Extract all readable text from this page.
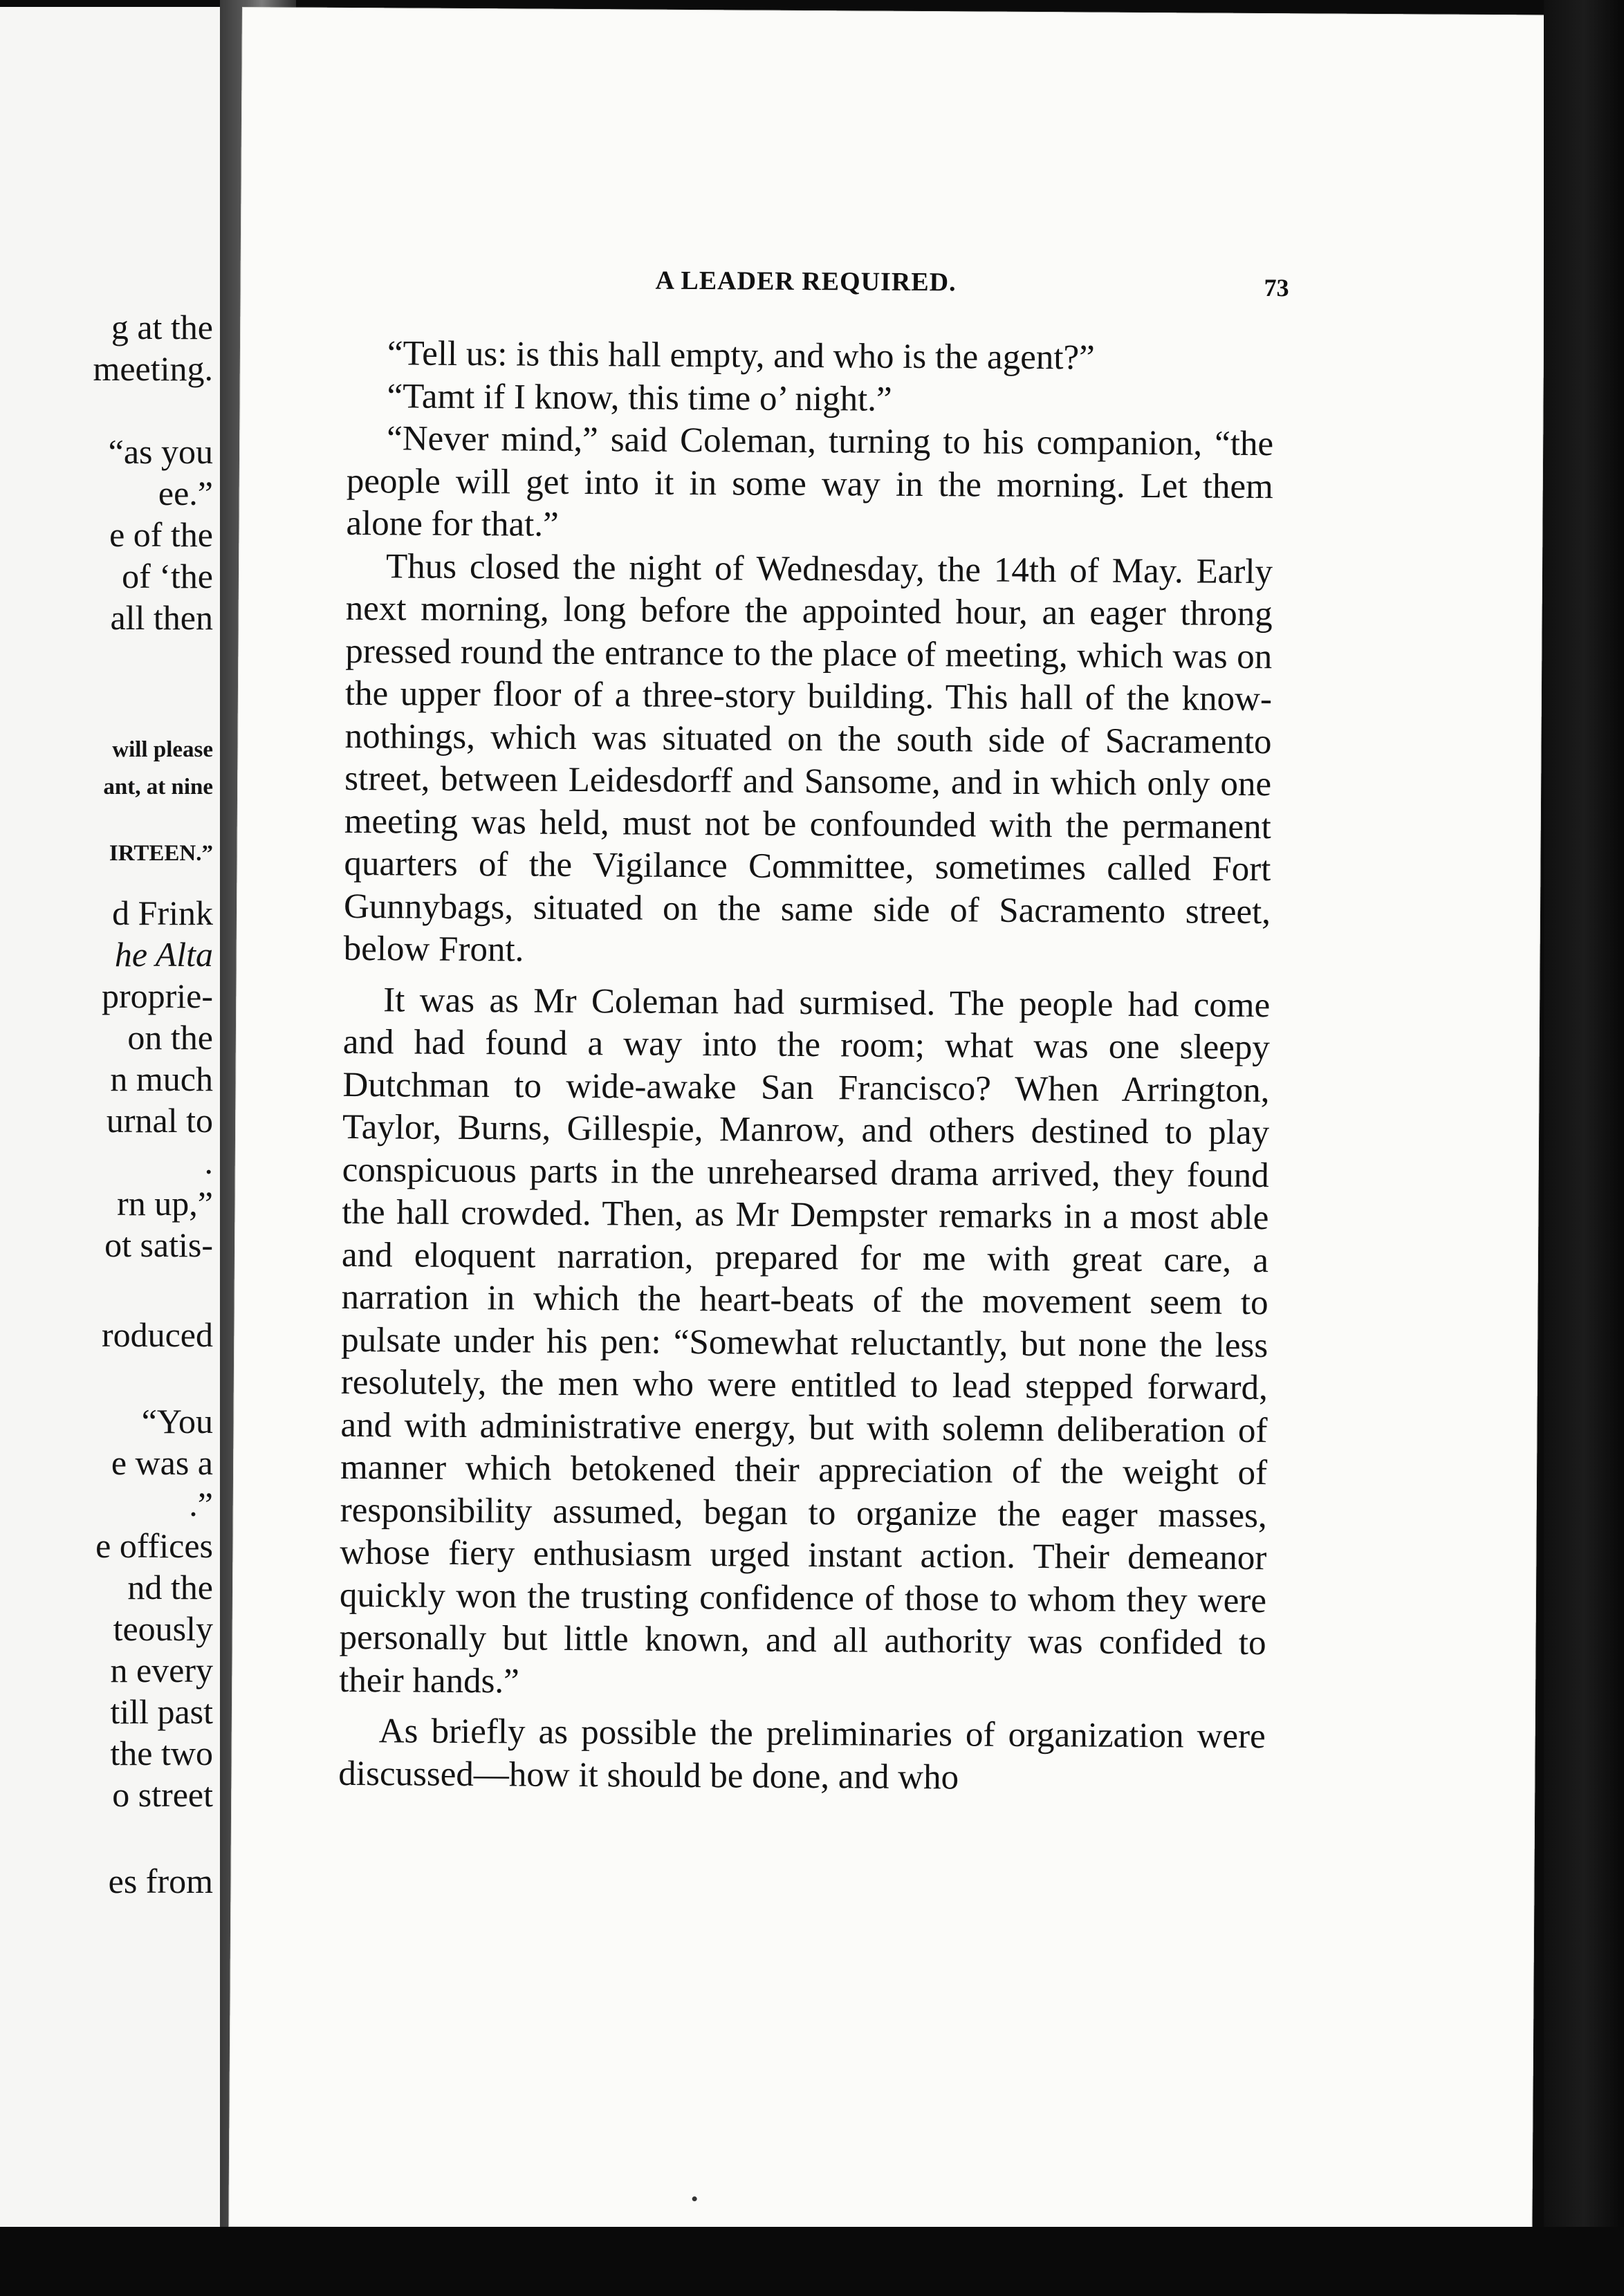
g at the
meeting.
“as you
ee.”
e of the
of ‘the
all then
will please
ant, at nine
IRTEEN.”
d Frink
he Alta
proprie-
on the
n much
urnal to
.
rn up,”
ot satis-
roduced
“You
e was a
.”
e offices
nd the
teously
n every
till past
the two
o street
es from
A LEADER REQUIRED.	73

“Tell us: is this hall empty, and who is the agent?”

“Tamt if I know, this time o’ night.”

“Never mind,” said Coleman, turning to his companion, “the people will get into it in some way in the morning. Let them alone for that.”

Thus closed the night of Wednesday, the 14th of May. Early next morning, long before the appointed hour, an eager throng pressed round the entrance to the place of meeting, which was on the upper floor of a three-story building. This hall of the know-nothings, which was situated on the south side of Sacramento street, between Leidesdorff and Sansome, and in which only one meeting was held, must not be confounded with the permanent quarters of the Vigilance Committee, sometimes called Fort Gunnybags, situated on the same side of Sacramento street, below Front.

It was as Mr Coleman had surmised. The people had come and had found a way into the room; what was one sleepy Dutchman to wide-awake San Francisco? When Arrington, Taylor, Burns, Gillespie, Manrow, and others destined to play conspicuous parts in the unrehearsed drama arrived, they found the hall crowded. Then, as Mr Dempster remarks in a most able and eloquent narration, prepared for me with great care, a narration in which the heart-beats of the movement seem to pulsate under his pen: “Somewhat reluctantly, but none the less resolutely, the men who were entitled to lead stepped forward, and with administrative energy, but with solemn deliberation of manner which betokened their appreciation of the weight of responsibility assumed, began to organize the eager masses, whose fiery enthusiasm urged instant action. Their demeanor quickly won the trusting confidence of those to whom they were personally but little known, and all authority was confided to their hands.”

As briefly as possible the preliminaries of organization were discussed—how it should be done, and who
